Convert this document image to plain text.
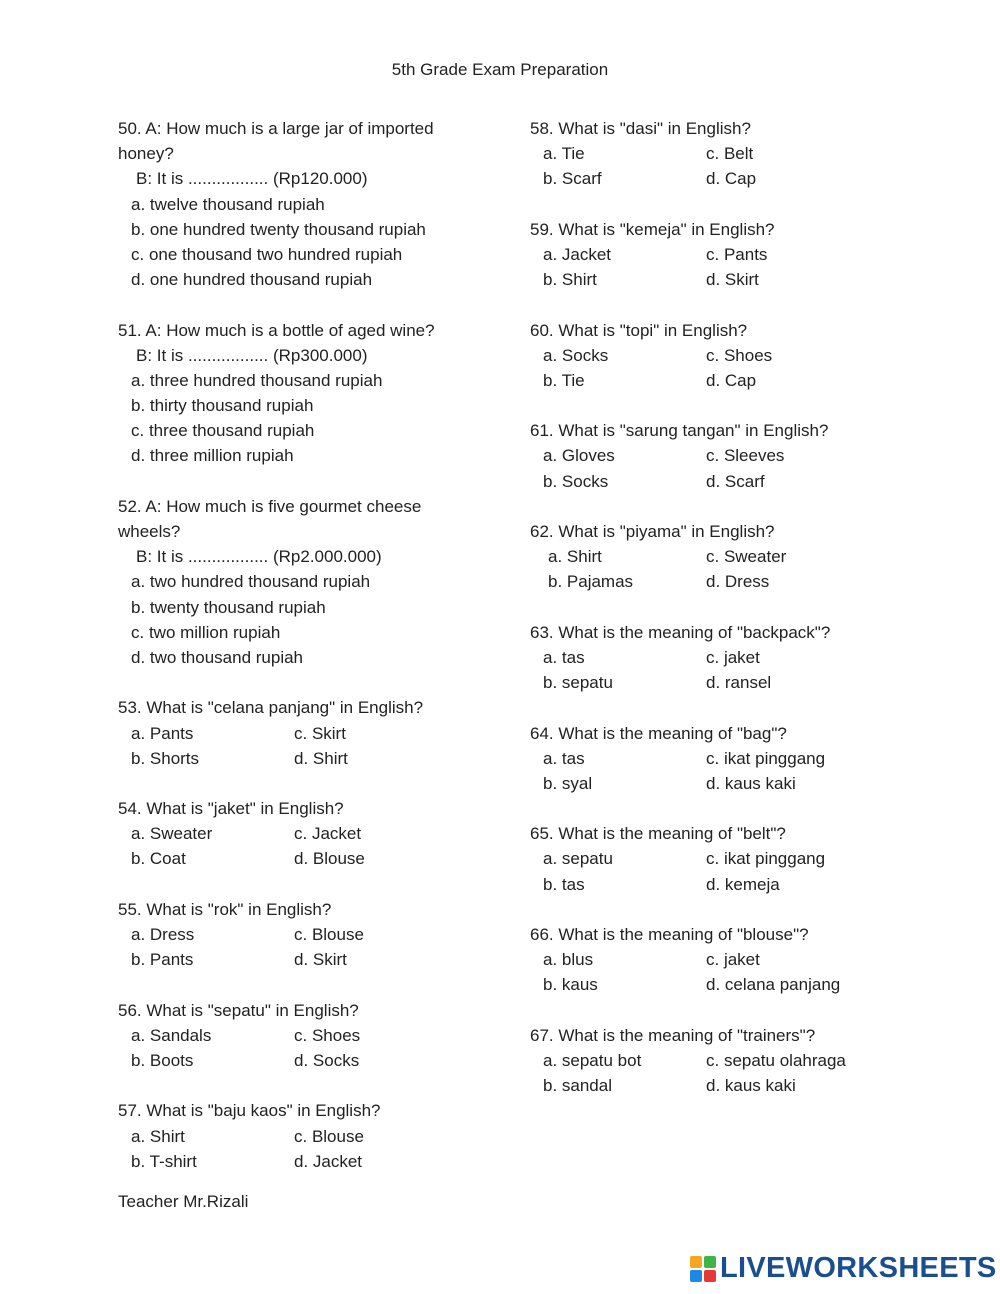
5th Grade Exam Preparation
50. A: How much is a large jar of imported
honey?
B: It is ................. (Rp120.000)
a. twelve thousand rupiah
b. one hundred twenty thousand rupiah
c. one thousand two hundred rupiah
d. one hundred thousand rupiah
51. A: How much is a bottle of aged wine?
B: It is ................. (Rp300.000)
a. three hundred thousand rupiah
b. thirty thousand rupiah
c. three thousand rupiah
d. three million rupiah
52. A: How much is five gourmet cheese
wheels?
B: It is ................. (Rp2.000.000)
a. two hundred thousand rupiah
b. twenty thousand rupiah
c. two million rupiah
d. two thousand rupiah
53. What is "celana panjang" in English?
a. Pants	c. Skirt
b. Shorts	d. Shirt
54. What is "jaket" in English?
a. Sweater	c. Jacket
b. Coat	d. Blouse
55. What is "rok" in English?
a. Dress	c. Blouse
b. Pants	d. Skirt
56. What is "sepatu" in English?
a. Sandals	c. Shoes
b. Boots	d. Socks
57. What is "baju kaos" in English?
a. Shirt	c. Blouse
b. T-shirt	d. Jacket
58. What is "dasi" in English?
a. Tie	c. Belt
b. Scarf	d. Cap
59. What is "kemeja" in English?
a. Jacket	c. Pants
b. Shirt	d. Skirt
60. What is "topi" in English?
a. Socks	c. Shoes
b. Tie	d. Cap
61. What is "sarung tangan" in English?
a. Gloves	c. Sleeves
b. Socks	d. Scarf
62. What is "piyama" in English?
a. Shirt	c. Sweater
b. Pajamas	d. Dress
63. What is the meaning of "backpack"?
a. tas	c. jaket
b. sepatu	d. ransel
64. What is the meaning of "bag"?
a. tas	c. ikat pinggang
b. syal	d. kaus kaki
65. What is the meaning of "belt"?
a. sepatu	c. ikat pinggang
b. tas	d. kemeja
66. What is the meaning of "blouse"?
a. blus	c. jaket
b. kaus	d. celana panjang
67. What is the meaning of "trainers"?
a. sepatu bot	c. sepatu olahraga
b. sandal	d. kaus kaki
Teacher Mr.Rizali
LIVEWORKSHEETS
